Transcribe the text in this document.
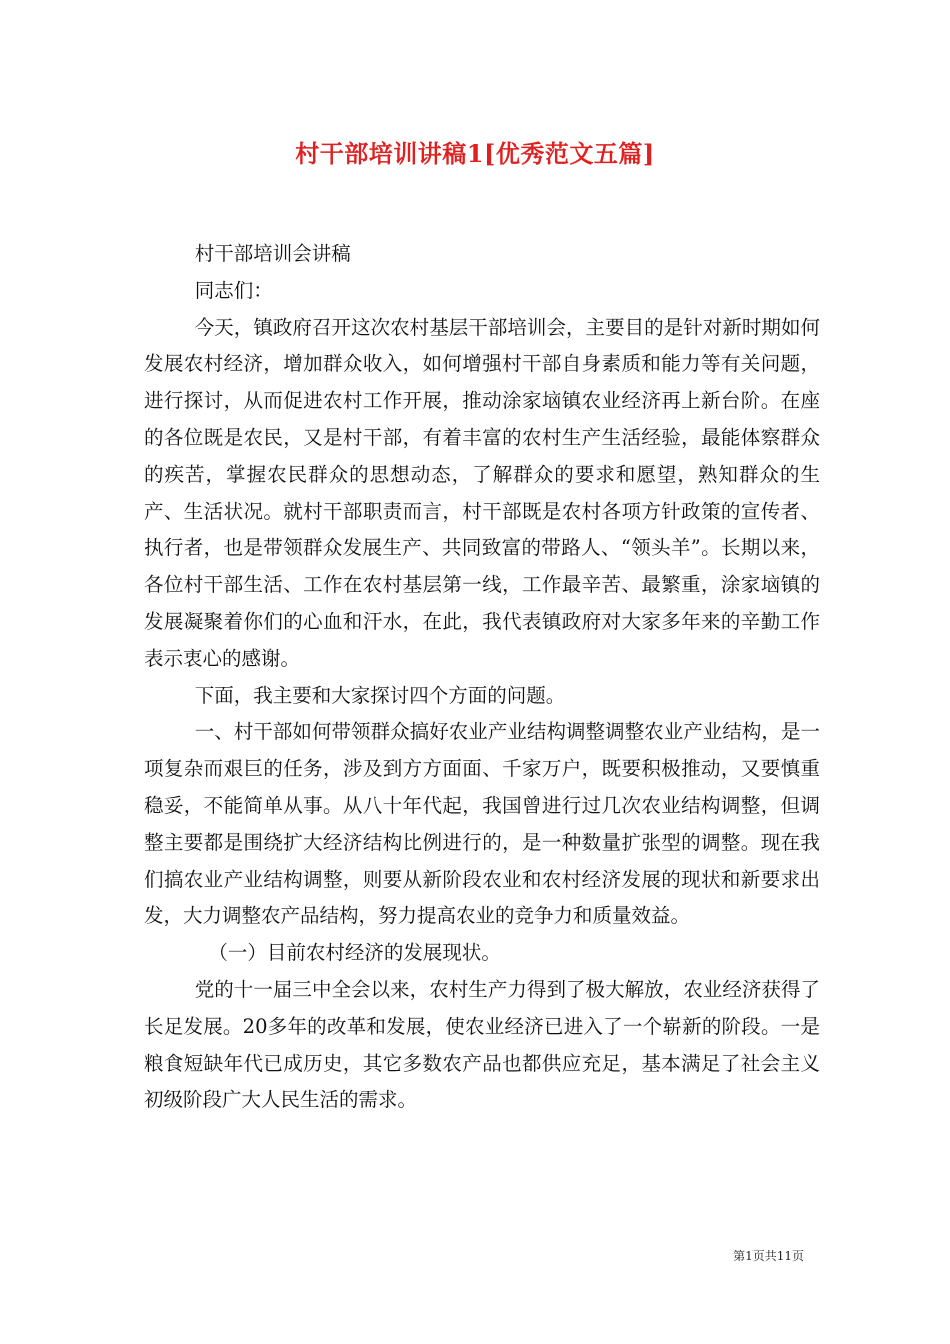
村干部培训讲稿1[优秀范文五篇]

村干部培训会讲稿

同志们：

今天，镇政府召开这次农村基层干部培训会，主要目的是针对新时期如何发展农村经济，增加群众收入，如何增强村干部自身素质和能力等有关问题，进行探讨，从而促进农村工作开展，推动涂家垴镇农业经济再上新台阶。在座的各位既是农民，又是村干部，有着丰富的农村生产生活经验，最能体察群众的疾苦，掌握农民群众的思想动态，了解群众的要求和愿望，熟知群众的生产、生活状况。就村干部职责而言，村干部既是农村各项方针政策的宣传者、执行者，也是带领群众发展生产、共同致富的带路人、“领头羊”。长期以来，各位村干部生活、工作在农村基层第一线，工作最辛苦、最繁重，涂家垴镇的发展凝聚着你们的心血和汗水，在此，我代表镇政府对大家多年来的辛勤工作表示衷心的感谢。

下面，我主要和大家探讨四个方面的问题。

一、村干部如何带领群众搞好农业产业结构调整调整农业产业结构，是一项复杂而艰巨的任务，涉及到方方面面、千家万户，既要积极推动，又要慎重稳妥，不能简单从事。从八十年代起，我国曾进行过几次农业结构调整，但调整主要都是围绕扩大经济结构比例进行的，是一种数量扩张型的调整。现在我们搞农业产业结构调整，则要从新阶段农业和农村经济发展的现状和新要求出发，大力调整农产品结构，努力提高农业的竞争力和质量效益。

（一）目前农村经济的发展现状。

党的十一届三中全会以来，农村生产力得到了极大解放，农业经济获得了长足发展。20多年的改革和发展，使农业经济已进入了一个崭新的阶段。一是粮食短缺年代已成历史，其它多数农产品也都供应充足，基本满足了社会主义初级阶段广大人民生活的需求。

第1页共11页
